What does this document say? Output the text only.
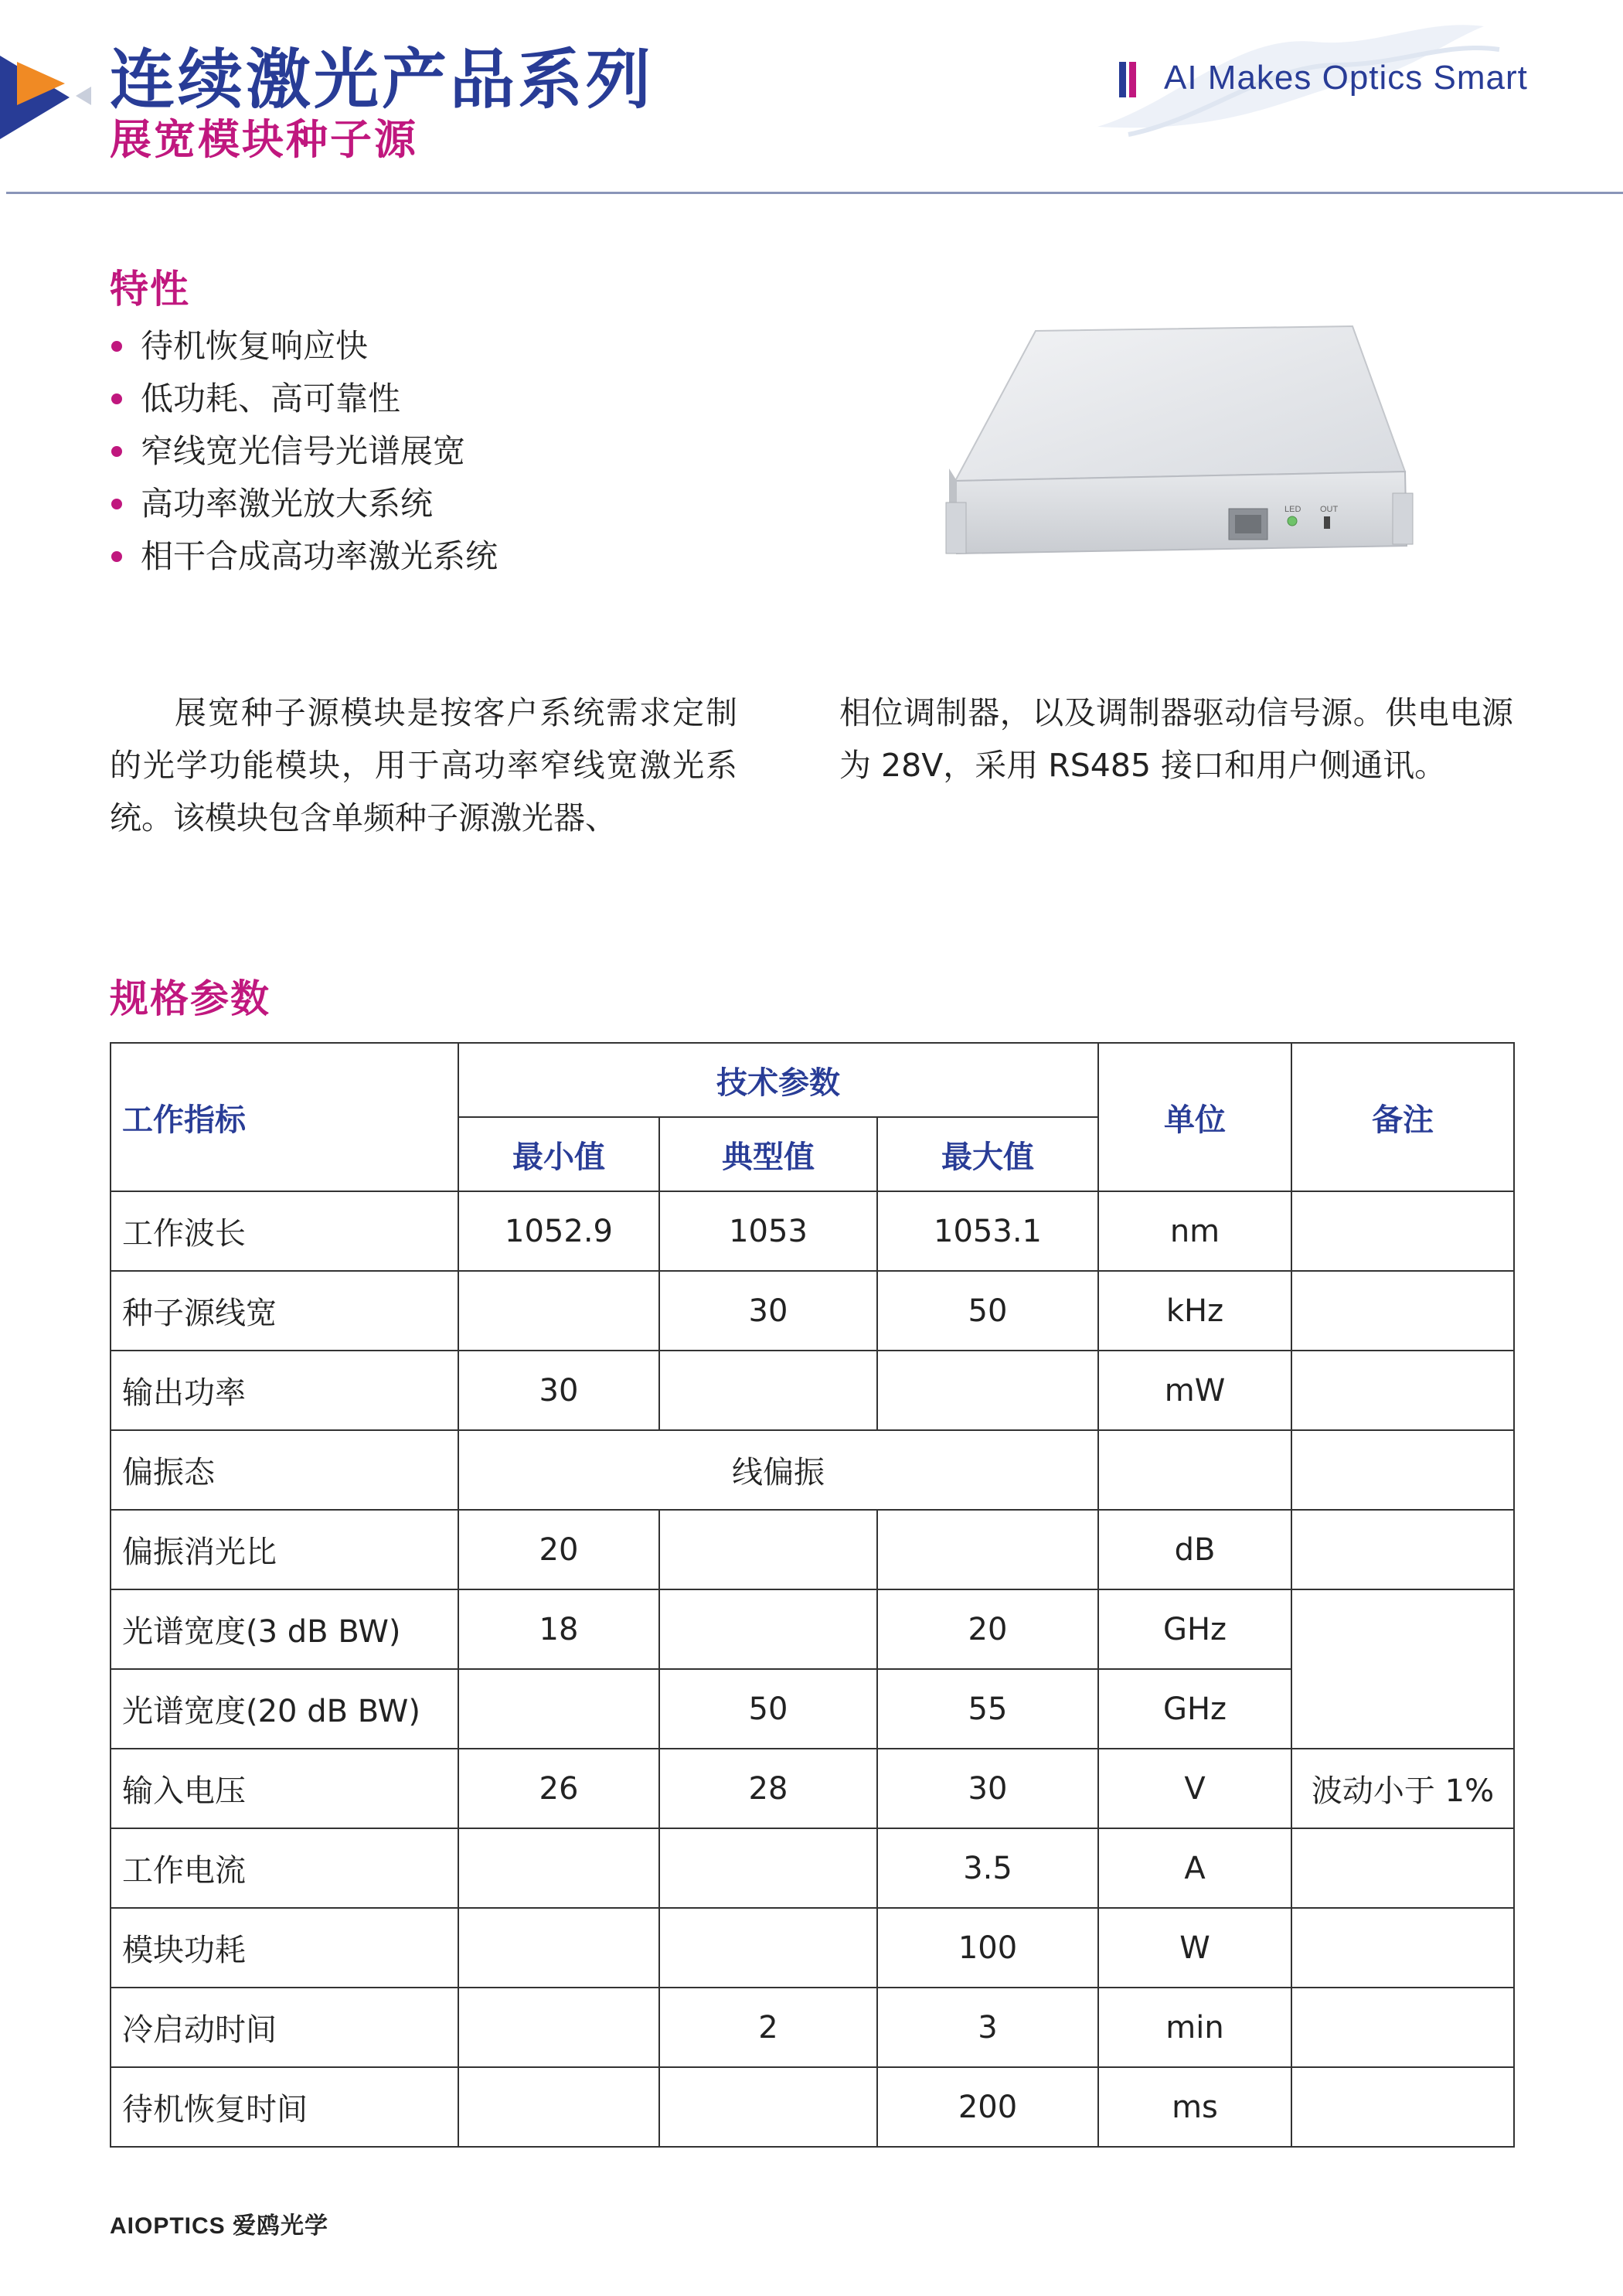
连续激光产品系列
展宽模块种子源
AI Makes Optics Smart
特性
待机恢复响应快
低功耗、高可靠性
窄线宽光信号光谱展宽
高功率激光放大系统
相干合成高功率激光系统
LED OUT
展宽种子源模块是按客户系统需求定制的光学功能模块，用于高功率窄线宽激光系统。该模块包含单频种子源激光器、
相位调制器，以及调制器驱动信号源。供电电源为 28V，采用 RS485 接口和用户侧通讯。
规格参数
工作指标	技术参数			单位	备注
	最小值	典型值	最大值		
工作波长	1052.9	1053	1053.1	nm	
种子源线宽		30	50	kHz	
输出功率	30			mW	
偏振态	线偏振				
偏振消光比	20			dB	
光谱宽度(3 dB BW)	18		20	GHz	
光谱宽度(20 dB BW)		50	55	GHz	
输入电压	26	28	30	V	波动小于 1%
工作电流			3.5	A	
模块功耗			100	W	
冷启动时间		2	3	min	
待机恢复时间			200	ms	
AIOPTICS 爱鸥光学
